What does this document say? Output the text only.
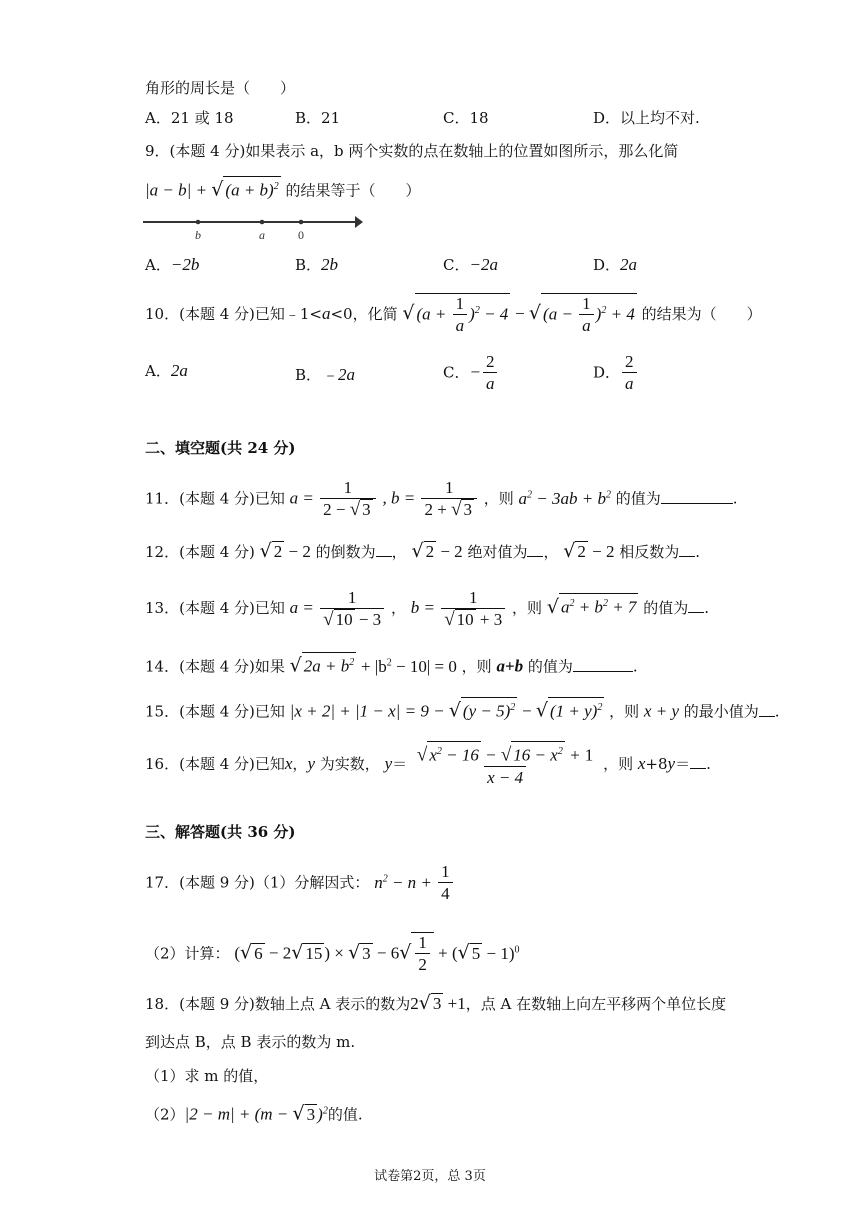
角形的周长是（　　）
A．21 或 18	B．21	C．18	D．以上均不对.
9．(本题 4 分)如果表示 a，b 两个实数的点在数轴上的位置如图所示，那么化简
|a − b| + √ $(a + b)^2$ 的结果等于（　　）
b	a	0
A．−2b	B．2b	C．−2a	D．2a
10．(本题 4 分)已知﹣1<a<0，化简 √ $(a + \frac{1}{a} )^2 - 4$ − √ $(a - \frac{1}{a} )^2 + 4$ 的结果为（　　）
A．2a	B．﹣2a	C．− $\frac{2}{a}$	D． $\frac{2}{a}$
二、填空题(共 24 分)
11．(本题 4 分)已知 $a = \frac{1}{2 - √ 3}$ , $b = \frac{1}{2 + √ 3}$ ，则 $a^2 - 3ab + b^2$ 的值为	.
12．(本题 4 分) √ 2 − 2 的倒数为 ， √ 2 − 2 绝对值为 ， √ 2 − 2 相反数为 .
13．(本题 4 分)已知 $a = \frac{1}{√ 10 - 3}$ ， $b = \frac{1}{√ 10 + 3}$ ，则 √ $a^2 + b^2 + 7$ 的值为 .
14．(本题 4 分)如果 √ $2a + b^2 + |b^2 - 10| = 0$ ，则 a+b 的值为	.
15．(本题 4 分)已知 |x + 2| + |1 − x| = 9 − √ $(y - 5)^2$ − √ $(1 + y)^2$ ，则 x + y 的最小值为 .
16．(本题 4 分)已知x，y 为实数， $y= \frac{√ x^2 - 16 - √ 16 - x^2 + 1}{x - 4}$ ，则 x+8y＝ .
三、解答题(共 36 分)
17．(本题 9 分)（1）分解因式： $n^2 - n + \frac{1}{4}$
（2）计算： (√ 6 − 2√ 15 ) × √ $3 - 6√ \frac{1}{2}$ + (√ 5 − 1)$^0$
18．(本题 9 分)数轴上点 A 表示的数为2√ 3 +1，点 A 在数轴上向左平移两个单位长度
到达点 B，点 B 表示的数为 m.
（1）求 m 的值，
（2）|2 − m| + (m − √ 3 )$^2$的值.
试卷第2页，总 3页
